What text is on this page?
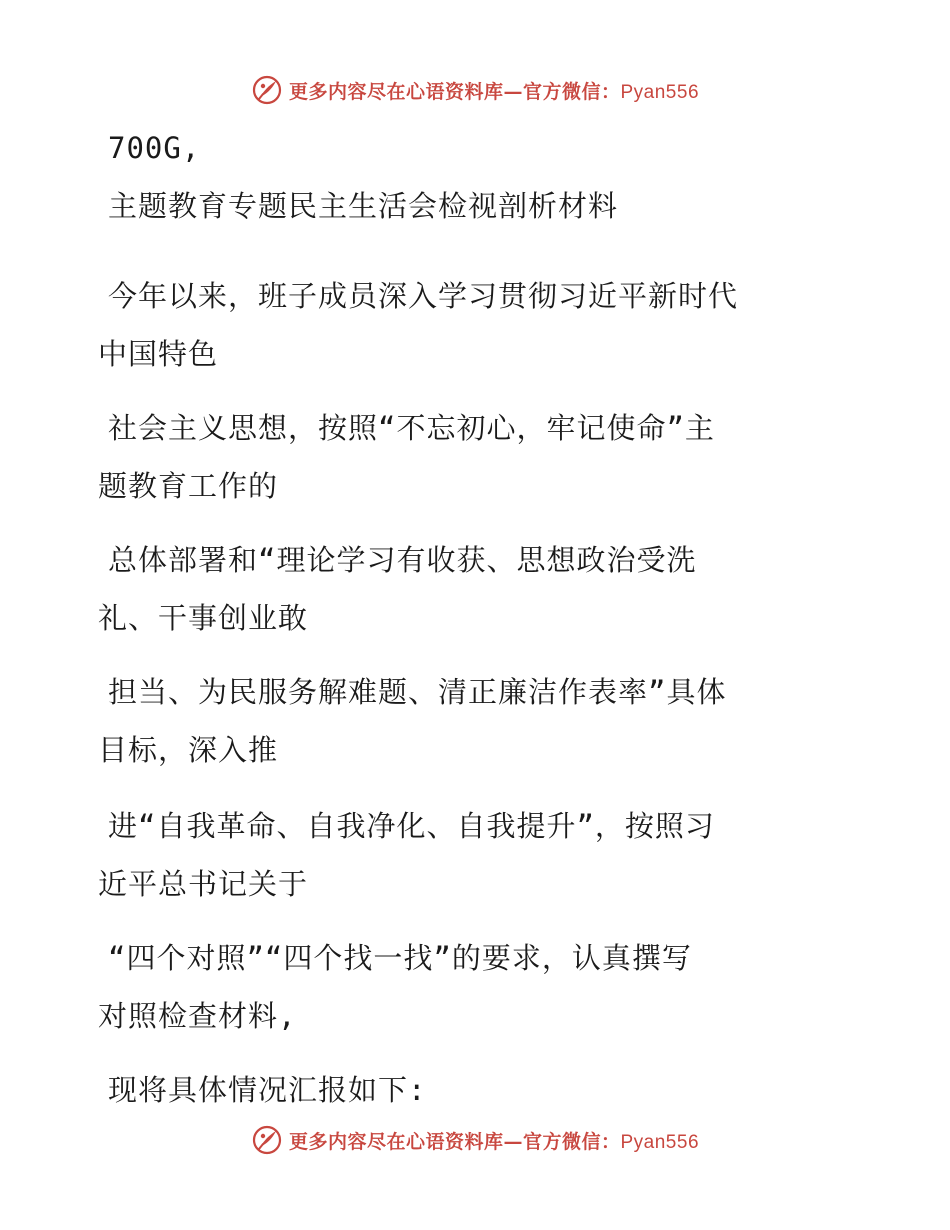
更多内容尽在心语资料库—官方微信：Pyan556
700G,
主题教育专题民主生活会检视剖析材料
今年以来，班子成员深入学习贯彻习近平新时代
中国特色
社会主义思想，按照“不忘初心，牢记使命”主
题教育工作的
总体部署和“理论学习有收获、思想政治受洗
礼、干事创业敢
担当、为民服务解难题、清正廉洁作表率”具体
目标，深入推
进“自我革命、自我净化、自我提升”，按照习
近平总书记关于
“四个对照”“四个找一找”的要求，认真撰写
对照检查材料,
现将具体情况汇报如下:
更多内容尽在心语资料库—官方微信：Pyan556
